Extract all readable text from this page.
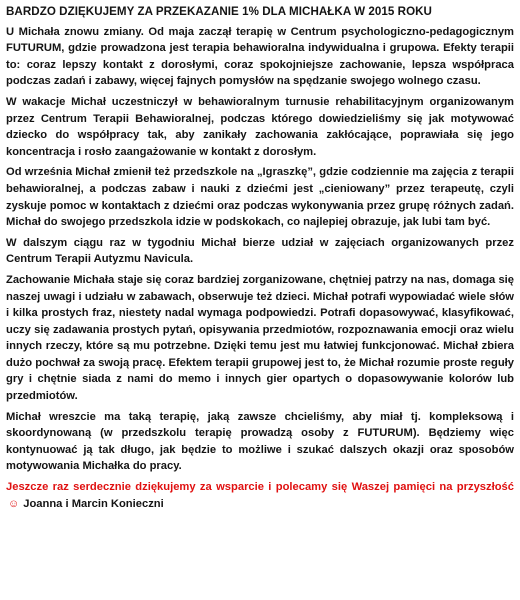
BARDZO DZIĘKUJEMY ZA PRZEKAZANIE 1% DLA MICHAŁKA W 2015 ROKU

U Michała znowu zmiany. Od maja zaczął terapię w Centrum psychologiczno-pedagogicznym FUTURUM, gdzie prowadzona jest terapia behawioralna indywidualna i grupowa. Efekty terapii to: coraz lepszy kontakt z dorosłymi, coraz spokojniejsze zachowanie, lepsza współpraca podczas zadań i zabawy, więcej fajnych pomysłów na spędzanie swojego wolnego czasu.

W wakacje Michał uczestniczył w behawioralnym turnusie rehabilitacyjnym organizowanym przez Centrum Terapii Behawioralnej, podczas którego dowiedzieliśmy się jak motywować dziecko do współpracy tak, aby zanikały zachowania zakłócające, poprawiała się jego koncentracja i rosło zaangażowanie w kontakt z dorosłym.

Od września Michał zmienił też przedszkole na „Igraszkę”, gdzie codziennie ma zajęcia z terapii behawioralnej, a podczas zabaw i nauki z dziećmi jest „cieniowany” przez terapeutę, czyli zyskuje pomoc w kontaktach z dziećmi oraz podczas wykonywania przez grupę różnych zadań. Michał do swojego przedszkola idzie w podskokach, co najlepiej obrazuje, jak lubi tam być.

W dalszym ciągu raz w tygodniu Michał bierze udział w zajęciach organizowanych przez Centrum Terapii Autyzmu Navicula.

Zachowanie Michała staje się coraz bardziej zorganizowane, chętniej patrzy na nas, domaga się naszej uwagi i udziału w zabawach, obserwuje też dzieci. Michał potrafi wypowiadać wiele słów i kilka prostych fraz, niestety nadal wymaga podpowiedzi. Potrafi dopasowywać, klasyfikować, uczy się zadawania prostych pytań, opisywania przedmiotów, rozpoznawania emocji oraz wielu innych rzeczy, które są mu potrzebne. Dzięki temu jest mu łatwiej funkcjonować. Michał zbiera dużo pochwał za swoją pracę. Efektem terapii grupowej jest to, że Michał rozumie proste reguły gry i chętnie siada z nami do memo i innych gier opartych o dopasowywanie kolorów lub przedmiotów.

Michał wreszcie ma taką terapię, jaką zawsze chcieliśmy, aby miał tj. kompleksową i skoordynowaną (w przedszkolu terapię prowadzą osoby z FUTURUM). Będziemy więc kontynuować ją tak długo, jak będzie to możliwe i szukać dalszych okazji oraz sposobów motywowania Michałka do pracy.

Jeszcze raz serdecznie dziękujemy za wsparcie i polecamy się Waszej pamięci na przyszłość ☺ Joanna i Marcin Konieczni
